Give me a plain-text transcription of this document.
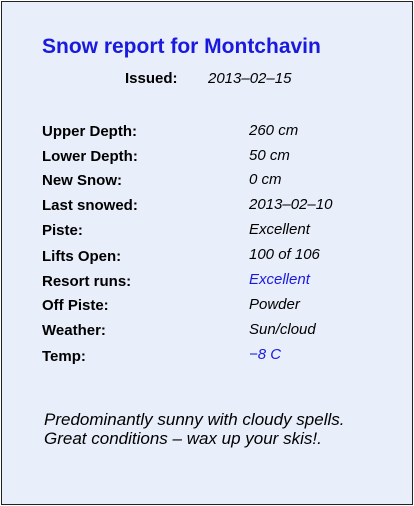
Snow report for Montchavin
Issued: 2013–02–15
Upper Depth:	260 cm
Lower Depth:	50 cm
New Snow:	0 cm
Last snowed:	2013–02–10
Piste:	Excellent
Lifts Open:	100 of 106
Resort runs:	Excellent
Off Piste:	Powder
Weather:	Sun/cloud
Temp:	−8 C
Predominantly sunny with cloudy spells.
Great conditions – wax up your skis!.
